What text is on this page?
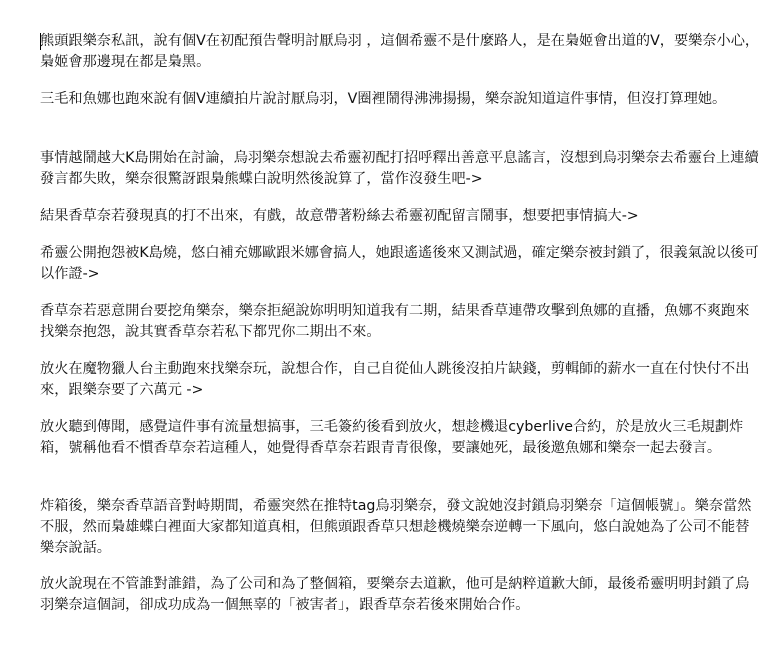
熊頭跟樂奈私訊，說有個V在初配預告聲明討厭烏羽 ，這個希靈不是什麼路人，是在梟姬會出道的V，要樂奈小心，梟姬會那邊現在都是梟黑。

三毛和魚娜也跑來說有個V連續拍片說討厭烏羽，V圈裡鬧得沸沸揚揚，樂奈說知道這件事情，但沒打算理她。

事情越鬧越大K島開始在討論，烏羽樂奈想說去希靈初配打招呼釋出善意平息謠言，沒想到烏羽樂奈去希靈台上連續發言都失敗，樂奈很驚訝跟梟熊蝶白說明然後說算了，當作沒發生吧->

結果香草奈若發現真的打不出來，有戲，故意帶著粉絲去希靈初配留言鬧事，想要把事情搞大->

希靈公開抱怨被K島燒，悠白補充娜歐跟米娜會搞人，她跟遙遙後來又測試過，確定樂奈被封鎖了，很義氣說以後可以作證->

香草奈若惡意開台要挖角樂奈，樂奈拒絕說妳明明知道我有二期，結果香草連帶攻擊到魚娜的直播，魚娜不爽跑來找樂奈抱怨，說其實香草奈若私下都咒你二期出不來。

放火在魔物獵人台主動跑來找樂奈玩，說想合作，自己自從仙人跳後沒拍片缺錢，剪輯師的薪水一直在付快付不出來，跟樂奈要了六萬元 ->

放火聽到傳聞，感覺這件事有流量想搞事，三毛簽約後看到放火，想趁機退cyberlive合約，於是放火三毛規劃炸箱，號稱他看不慣香草奈若這種人，她覺得香草奈若跟青青很像，要讓她死，最後邀魚娜和樂奈一起去發言。

炸箱後，樂奈香草語音對峙期間，希靈突然在推特tag烏羽樂奈，發文說她沒封鎖烏羽樂奈「這個帳號」。樂奈當然不服，然而梟雄蝶白裡面大家都知道真相，但熊頭跟香草只想趁機燒樂奈逆轉一下風向，悠白說她為了公司不能替樂奈說話。

放火說現在不管誰對誰錯，為了公司和為了整個箱，要樂奈去道歉，他可是納粹道歉大師，最後希靈明明封鎖了烏羽樂奈這個詞，卻成功成為一個無辜的「被害者」，跟香草奈若後來開始合作。
